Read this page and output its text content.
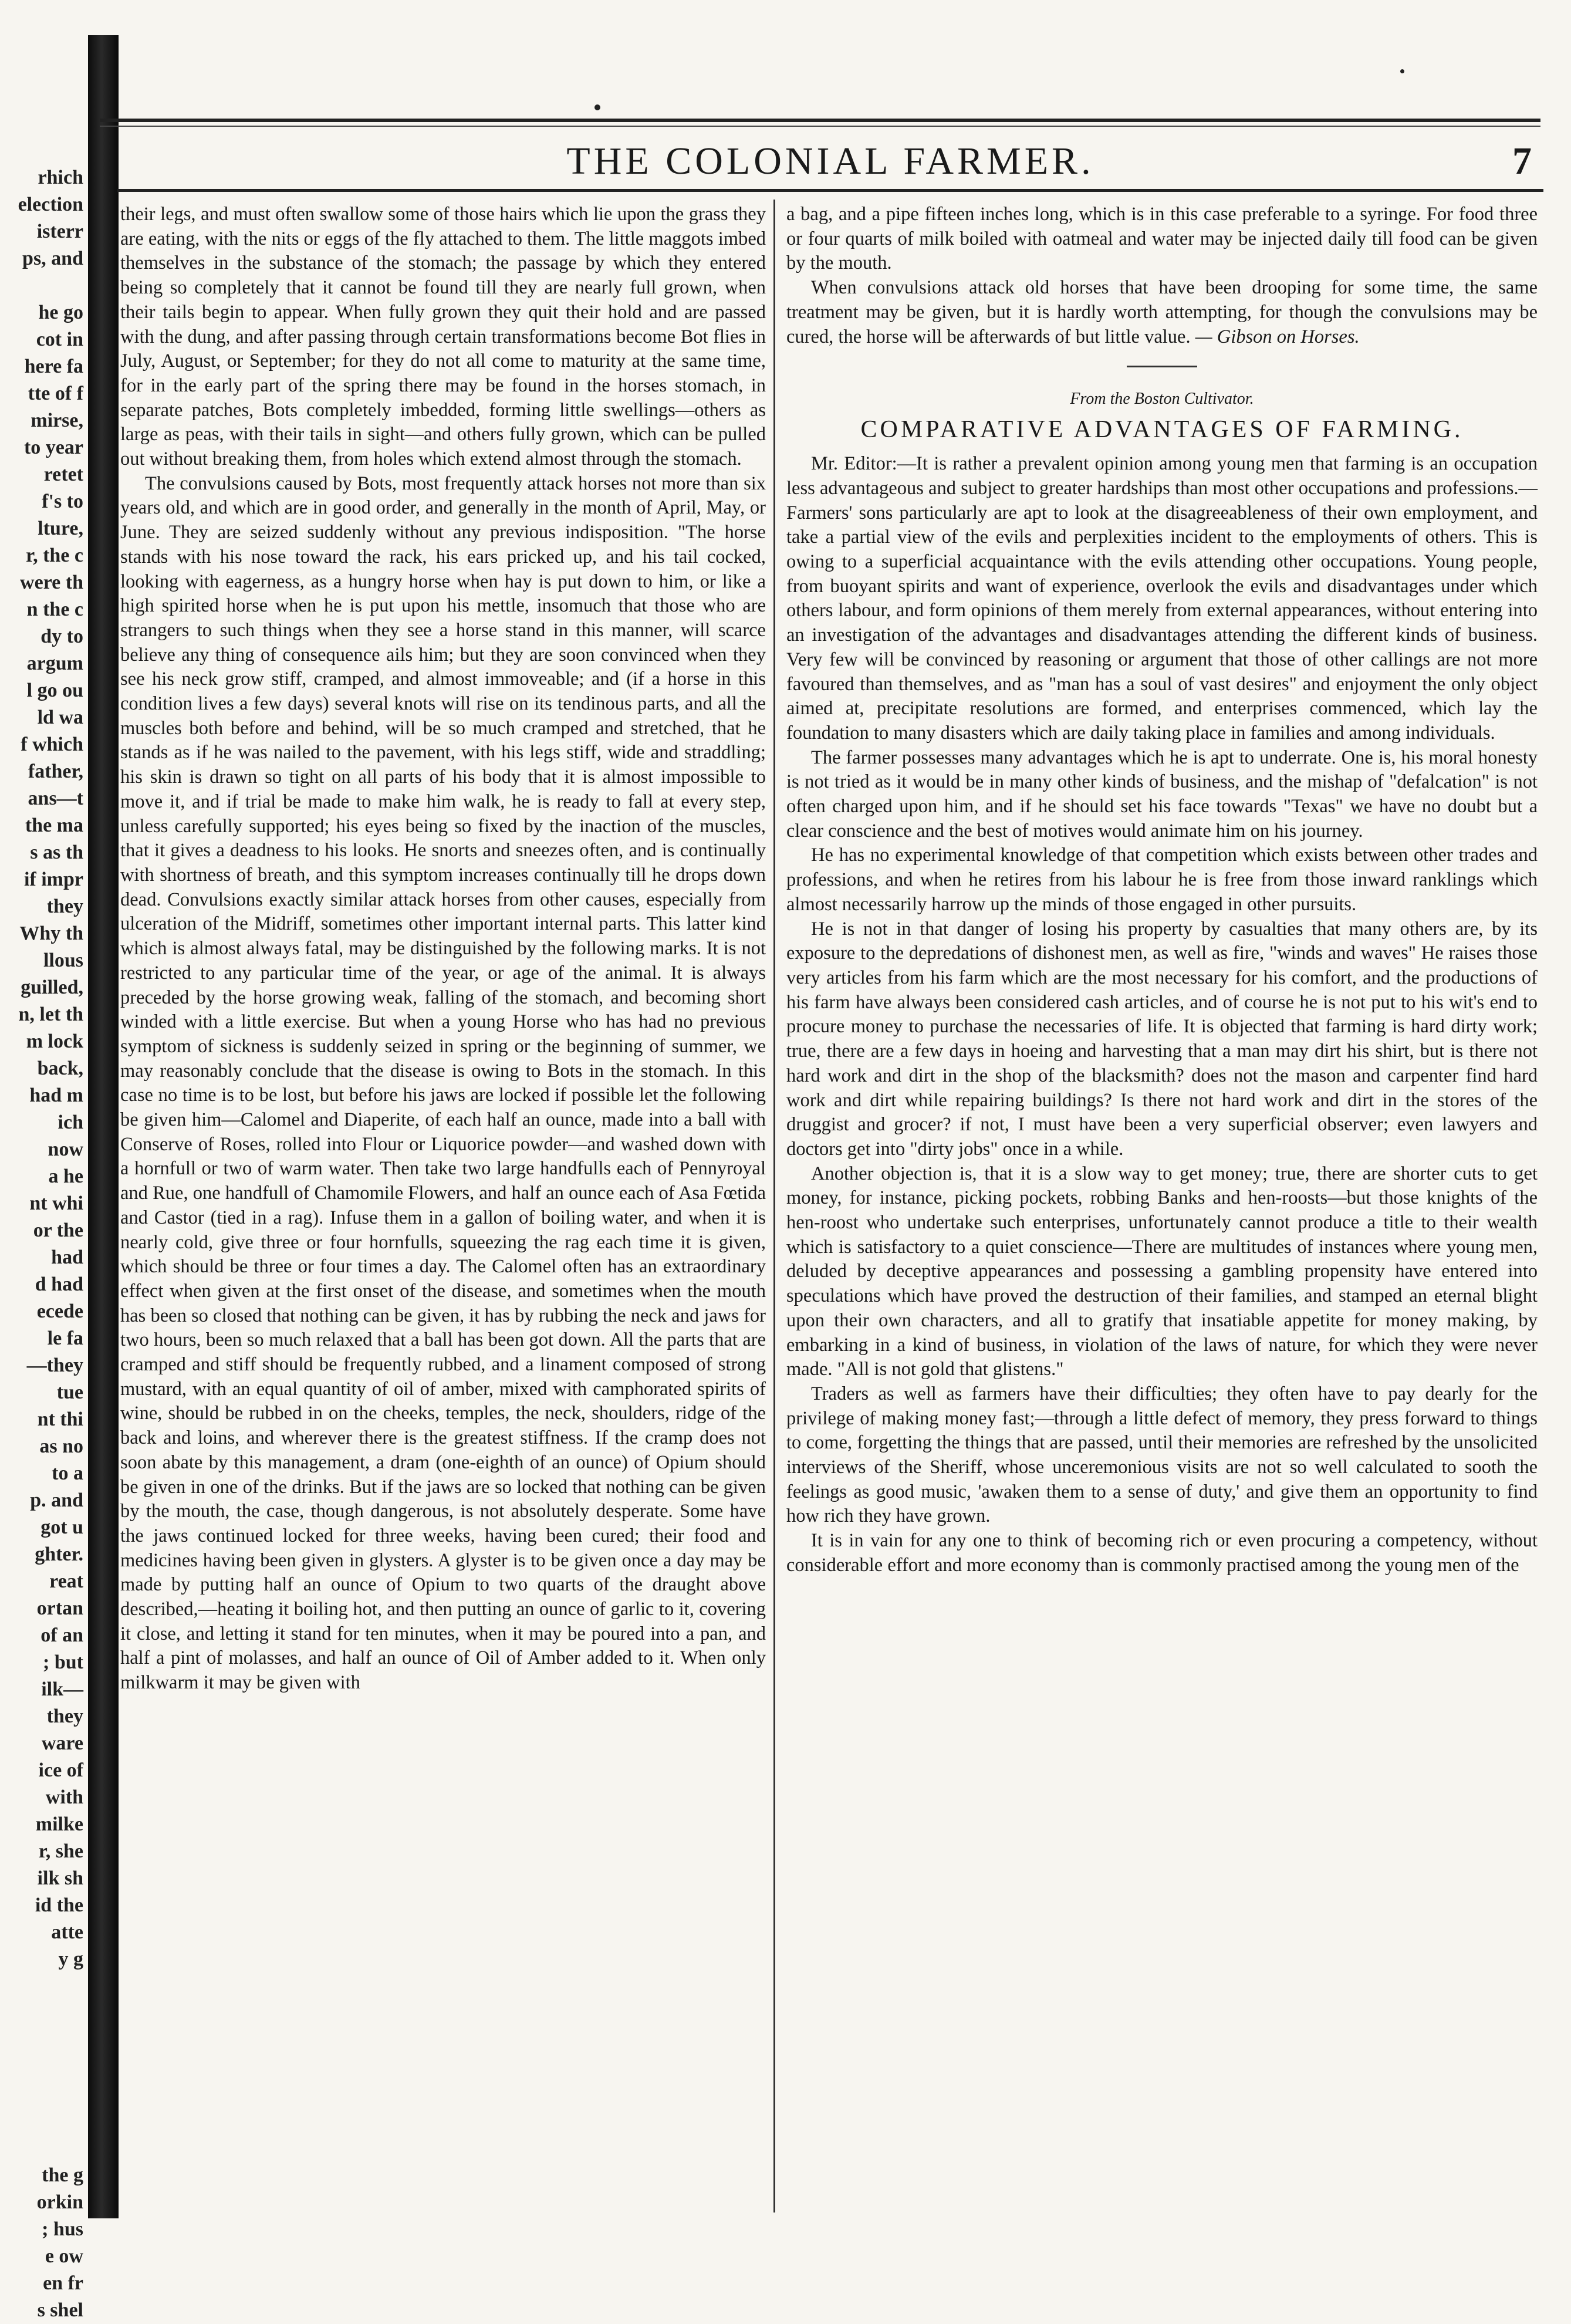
rhich
election
isterr
ps, and
he go
cot in
here fa
tte of f
mirse,
to year
retet
f's to
lture,
r, the c
were th
n the c
dy to
argum
l go ou
ld wa
f which
father,
ans—t
the ma
s as th
if impr
they
Why th
llous
guilled,
n, let th
m lock
back,
had m
ich
now
a he
nt whi
or the
had
d had
ecede
le fa
—they
tue
nt thi
as no
to a
p. and
got u
ghter.
reat
ortan
of an
; but
ilk—
they
ware
ice of
with
milke
r, she
ilk sh
id the
atte
y g
the g
orkin
; hus
e ow
en fr
s shel
THE COLONIAL FARMER.	7

their legs, and must often swallow some of those hairs which lie upon the grass they are eating, with the nits or eggs of the fly attached to them. The little maggots imbed themselves in the substance of the stomach; the passage by which they entered being so completely that it cannot be found till they are nearly full grown, when their tails begin to appear. When fully grown they quit their hold and are passed with the dung, and after passing through certain transformations become Bot flies in July, August, or September; for they do not all come to maturity at the same time, for in the early part of the spring there may be found in the horses stomach, in separate patches, Bots completely imbedded, forming little swellings—others as large as peas, with their tails in sight—and others fully grown, which can be pulled out without breaking them, from holes which extend almost through the stomach.

The convulsions caused by Bots, most frequently attack horses not more than six years old, and which are in good order, and generally in the month of April, May, or June. They are seized suddenly without any previous indisposition. "The horse stands with his nose toward the rack, his ears pricked up, and his tail cocked, looking with eagerness, as a hungry horse when hay is put down to him, or like a high spirited horse when he is put upon his mettle, insomuch that those who are strangers to such things when they see a horse stand in this manner, will scarce believe any thing of consequence ails him; but they are soon convinced when they see his neck grow stiff, cramped, and almost immoveable; and (if a horse in this condition lives a few days) several knots will rise on its tendinous parts, and all the muscles both before and behind, will be so much cramped and stretched, that he stands as if he was nailed to the pavement, with his legs stiff, wide and straddling; his skin is drawn so tight on all parts of his body that it is almost impossible to move it, and if trial be made to make him walk, he is ready to fall at every step, unless carefully supported; his eyes being so fixed by the inaction of the muscles, that it gives a deadness to his looks. He snorts and sneezes often, and is continually with shortness of breath, and this symptom increases continually till he drops down dead. Convulsions exactly similar attack horses from other causes, especially from ulceration of the Midriff, sometimes other important internal parts. This latter kind which is almost always fatal, may be distinguished by the following marks. It is not restricted to any particular time of the year, or age of the animal. It is always preceded by the horse growing weak, falling of the stomach, and becoming short winded with a little exercise. But when a young Horse who has had no previous symptom of sickness is suddenly seized in spring or the beginning of summer, we may reasonably conclude that the disease is owing to Bots in the stomach. In this case no time is to be lost, but before his jaws are locked if possible let the following be given him—Calomel and Diaperite, of each half an ounce, made into a ball with Conserve of Roses, rolled into Flour or Liquorice powder—and washed down with a hornfull or two of warm water. Then take two large handfulls each of Pennyroyal and Rue, one handfull of Chamomile Flowers, and half an ounce each of Asa Fœtida and Castor (tied in a rag). Infuse them in a gallon of boiling water, and when it is nearly cold, give three or four hornfulls, squeezing the rag each time it is given, which should be three or four times a day. The Calomel often has an extraordinary effect when given at the first onset of the disease, and sometimes when the mouth has been so closed that nothing can be given, it has by rubbing the neck and jaws for two hours, been so much relaxed that a ball has been got down. All the parts that are cramped and stiff should be frequently rubbed, and a linament composed of strong mustard, with an equal quantity of oil of amber, mixed with camphorated spirits of wine, should be rubbed in on the cheeks, temples, the neck, shoulders, ridge of the back and loins, and wherever there is the greatest stiffness. If the cramp does not soon abate by this management, a dram (one-eighth of an ounce) of Opium should be given in one of the drinks. But if the jaws are so locked that nothing can be given by the mouth, the case, though dangerous, is not absolutely desperate. Some have the jaws continued locked for three weeks, having been cured; their food and medicines having been given in glysters. A glyster is to be given once a day may be made by putting half an ounce of Opium to two quarts of the draught above described,—heating it boiling hot, and then putting an ounce of garlic to it, covering it close, and letting it stand for ten minutes, when it may be poured into a pan, and half a pint of molasses, and half an ounce of Oil of Amber added to it. When only milkwarm it may be given with

a bag, and a pipe fifteen inches long, which is in this case preferable to a syringe. For food three or four quarts of milk boiled with oatmeal and water may be injected daily till food can be given by the mouth.

When convulsions attack old horses that have been drooping for some time, the same treatment may be given, but it is hardly worth attempting, for though the convulsions may be cured, the horse will be afterwards of but little value. — Gibson on Horses.

From the Boston Cultivator.
COMPARATIVE ADVANTAGES OF FARMING.

Mr. Editor:—It is rather a prevalent opinion among young men that farming is an occupation less advantageous and subject to greater hardships than most other occupations and professions.—Farmers' sons particularly are apt to look at the disagreeableness of their own employment, and take a partial view of the evils and perplexities incident to the employments of others. This is owing to a superficial acquaintance with the evils attending other occupations. Young people, from buoyant spirits and want of experience, overlook the evils and disadvantages under which others labour, and form opinions of them merely from external appearances, without entering into an investigation of the advantages and disadvantages attending the different kinds of business. Very few will be convinced by reasoning or argument that those of other callings are not more favoured than themselves, and as "man has a soul of vast desires" and enjoyment the only object aimed at, precipitate resolutions are formed, and enterprises commenced, which lay the foundation to many disasters which are daily taking place in families and among individuals.

The farmer possesses many advantages which he is apt to underrate. One is, his moral honesty is not tried as it would be in many other kinds of business, and the mishap of "defalcation" is not often charged upon him, and if he should set his face towards "Texas" we have no doubt but a clear conscience and the best of motives would animate him on his journey.

He has no experimental knowledge of that competition which exists between other trades and professions, and when he retires from his labour he is free from those inward ranklings which almost necessarily harrow up the minds of those engaged in other pursuits.

He is not in that danger of losing his property by casualties that many others are, by its exposure to the depredations of dishonest men, as well as fire, "winds and waves" He raises those very articles from his farm which are the most necessary for his comfort, and the productions of his farm have always been considered cash articles, and of course he is not put to his wit's end to procure money to purchase the necessaries of life. It is objected that farming is hard dirty work; true, there are a few days in hoeing and harvesting that a man may dirt his shirt, but is there not hard work and dirt in the shop of the blacksmith? does not the mason and carpenter find hard work and dirt while repairing buildings? Is there not hard work and dirt in the stores of the druggist and grocer? if not, I must have been a very superficial observer; even lawyers and doctors get into "dirty jobs" once in a while.

Another objection is, that it is a slow way to get money; true, there are shorter cuts to get money, for instance, picking pockets, robbing Banks and hen-roosts—but those knights of the hen-roost who undertake such enterprises, unfortunately cannot produce a title to their wealth which is satisfactory to a quiet conscience—There are multitudes of instances where young men, deluded by deceptive appearances and possessing a gambling propensity have entered into speculations which have proved the destruction of their families, and stamped an eternal blight upon their own characters, and all to gratify that insatiable appetite for money making, by embarking in a kind of business, in violation of the laws of nature, for which they were never made. "All is not gold that glistens."

Traders as well as farmers have their difficulties; they often have to pay dearly for the privilege of making money fast;—through a little defect of memory, they press forward to things to come, forgetting the things that are passed, until their memories are refreshed by the unsolicited interviews of the Sheriff, whose unceremonious visits are not so well calculated to sooth the feelings as good music, 'awaken them to a sense of duty,' and give them an opportunity to find how rich they have grown.

It is in vain for any one to think of becoming rich or even procuring a competency, without considerable effort and more economy than is commonly practised among the young men of the
